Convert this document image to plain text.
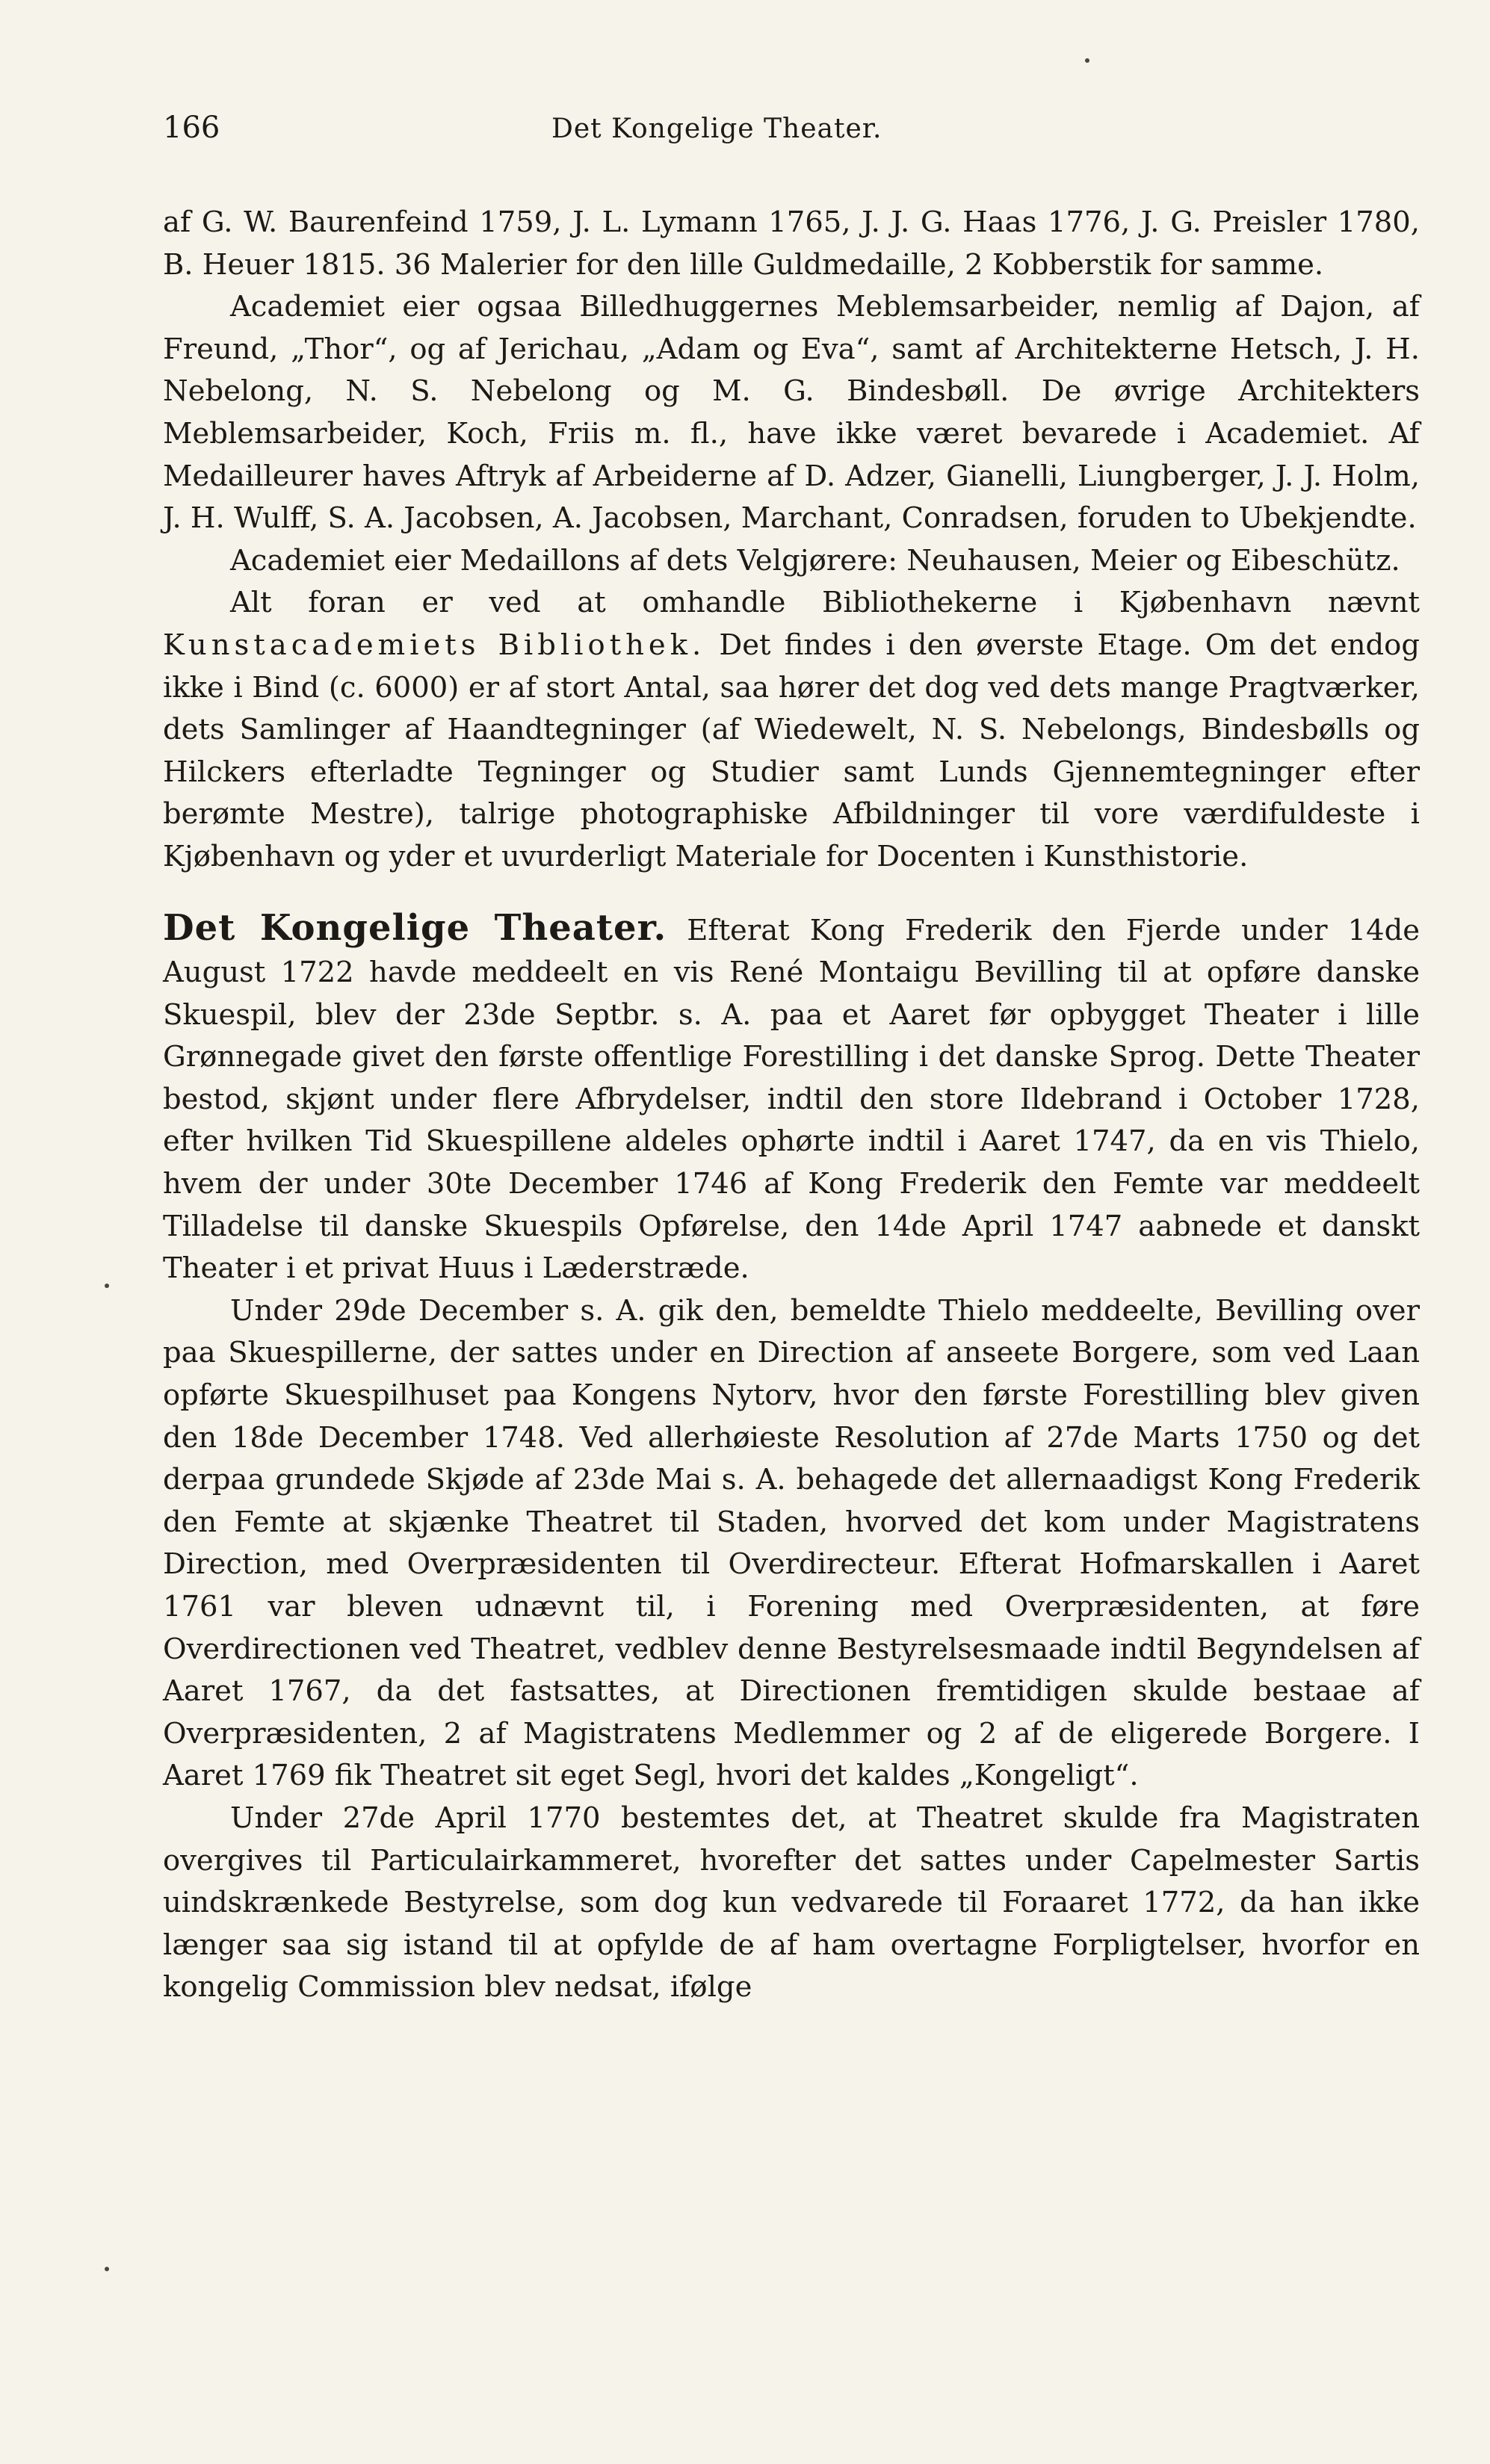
166	Det Kongelige Theater.

af G. W. Baurenfeind 1759, J. L. Lymann 1765, J. J. G. Haas 1776, J. G. Preisler 1780, B. Heuer 1815. 36 Malerier for den lille Guldmedaille, 2 Kobberstik for samme.

Academiet eier ogsaa Billedhuggernes Meblemsarbeider, nemlig af Dajon, af Freund, „Thor“, og af Jerichau, „Adam og Eva“, samt af Architekterne Hetsch, J. H. Nebelong, N. S. Nebelong og M. G. Bindesbøll. De øvrige Architekters Meblemsarbeider, Koch, Friis m. fl., have ikke været bevarede i Academiet. Af Medailleurer haves Aftryk af Arbeiderne af D. Adzer, Gianelli, Liungberger, J. J. Holm, J. H. Wulff, S. A. Jacobsen, A. Jacobsen, Marchant, Conradsen, foruden to Ubekjendte.

Academiet eier Medaillons af dets Velgjørere: Neuhausen, Meier og Eibeschütz.

Alt foran er ved at omhandle Bibliothekerne i Kjøbenhavn nævnt Kunstacademiets Bibliothek. Det findes i den øverste Etage. Om det endog ikke i Bind (c. 6000) er af stort Antal, saa hører det dog ved dets mange Pragtværker, dets Samlinger af Haandtegninger (af Wiedewelt, N. S. Nebelongs, Bindesbølls og Hilckers efterladte Tegninger og Studier samt Lunds Gjennemtegninger efter berømte Mestre), talrige photographiske Afbildninger til vore værdifuldeste i Kjøbenhavn og yder et uvurderligt Materiale for Docenten i Kunsthistorie.

Det Kongelige Theater. Efterat Kong Frederik den Fjerde under 14de August 1722 havde meddeelt en vis René Montaigu Bevilling til at opføre danske Skuespil, blev der 23de Septbr. s. A. paa et Aaret før opbygget Theater i lille Grønnegade givet den første offentlige Forestilling i det danske Sprog. Dette Theater bestod, skjønt under flere Afbrydelser, indtil den store Ildebrand i October 1728, efter hvilken Tid Skuespillene aldeles ophørte indtil i Aaret 1747, da en vis Thielo, hvem der under 30te December 1746 af Kong Frederik den Femte var meddeelt Tilladelse til danske Skuespils Opførelse, den 14de April 1747 aabnede et danskt Theater i et privat Huus i Læderstræde.

Under 29de December s. A. gik den, bemeldte Thielo meddeelte, Bevilling over paa Skuespillerne, der sattes under en Direction af anseete Borgere, som ved Laan opførte Skuespilhuset paa Kongens Nytorv, hvor den første Forestilling blev given den 18de December 1748. Ved allerhøieste Resolution af 27de Marts 1750 og det derpaa grundede Skjøde af 23de Mai s. A. behagede det allernaadigst Kong Frederik den Femte at skjænke Theatret til Staden, hvorved det kom under Magistratens Direction, med Overpræsidenten til Overdirecteur. Efterat Hofmarskallen i Aaret 1761 var bleven udnævnt til, i Forening med Overpræsidenten, at føre Overdirectionen ved Theatret, vedblev denne Bestyrelsesmaade indtil Begyndelsen af Aaret 1767, da det fastsattes, at Directionen fremtidigen skulde bestaae af Overpræsidenten, 2 af Magistratens Medlemmer og 2 af de eligerede Borgere. I Aaret 1769 fik Theatret sit eget Segl, hvori det kaldes „Kongeligt“.

Under 27de April 1770 bestemtes det, at Theatret skulde fra Magistraten overgives til Particulairkammeret, hvorefter det sattes under Capelmester Sartis uindskrænkede Bestyrelse, som dog kun vedvarede til Foraaret 1772, da han ikke længer saa sig istand til at opfylde de af ham overtagne Forpligtelser, hvorfor en kongelig Commission blev nedsat, ifølge
